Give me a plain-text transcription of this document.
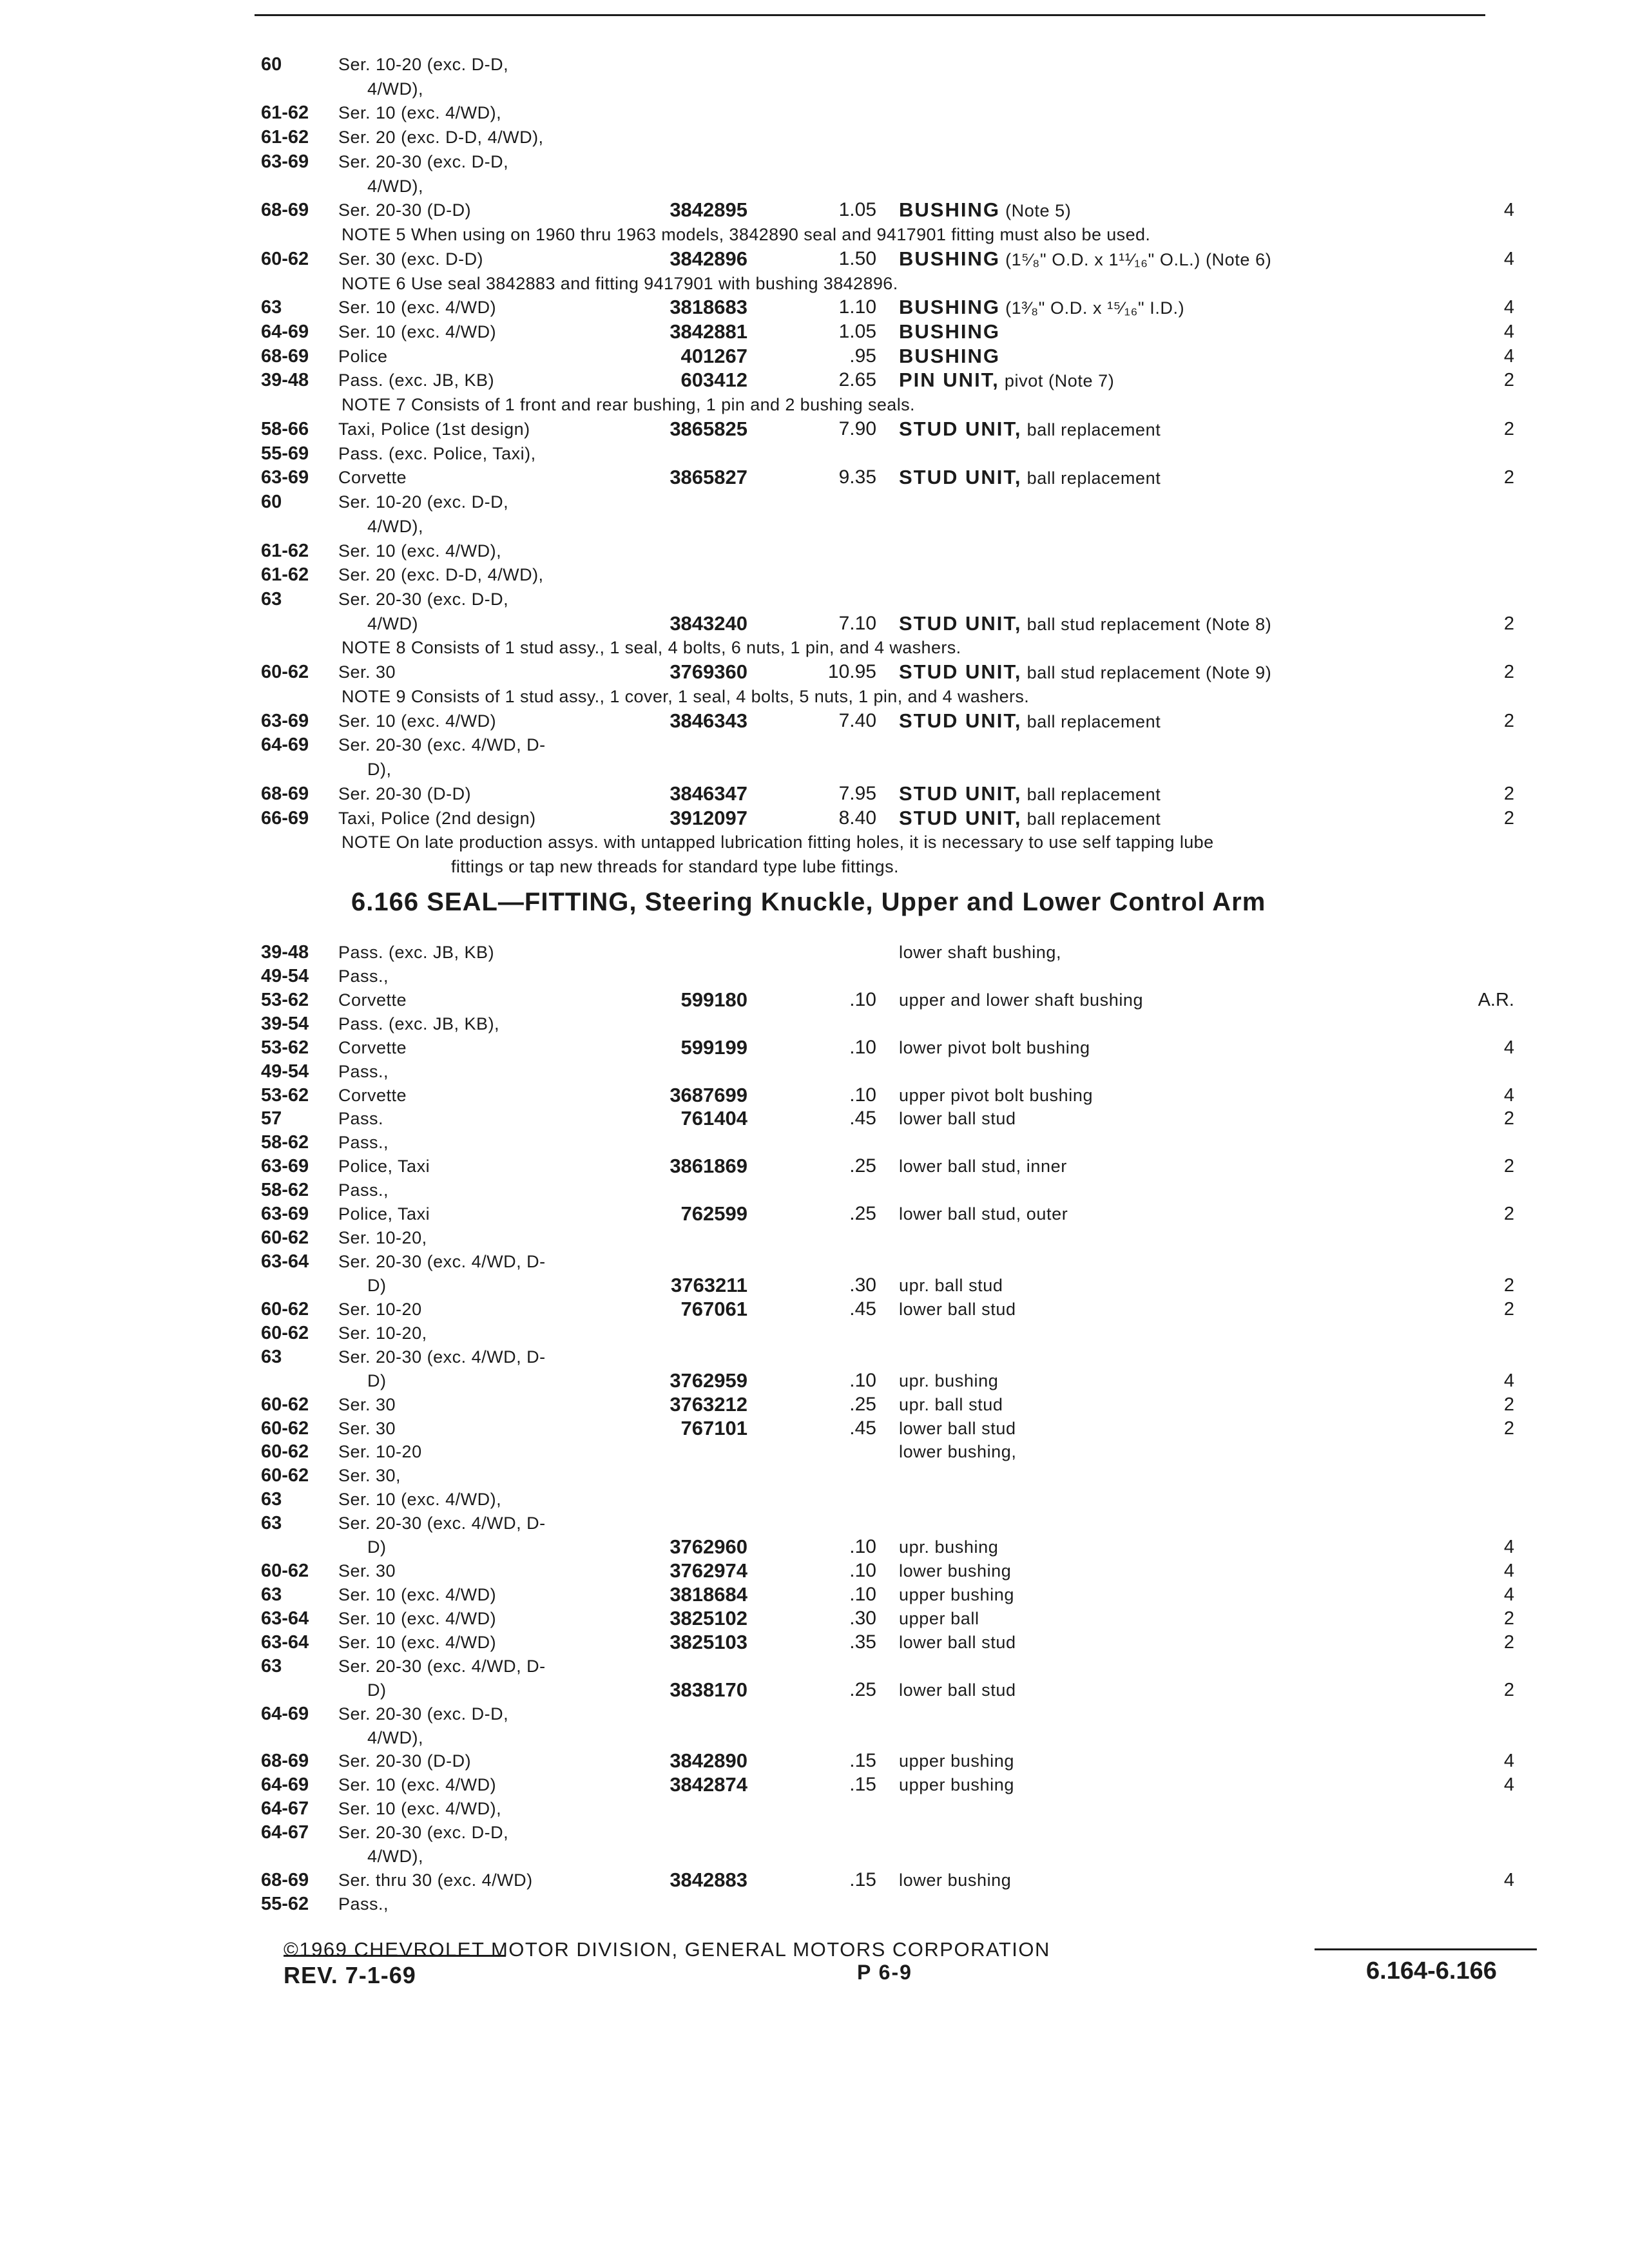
60	Ser. 10-20 (exc. D-D,
4/WD),
61-62 Ser. 10 (exc. 4/WD),
61-62 Ser. 20 (exc. D-D, 4/WD),
63-69 Ser. 20-30 (exc. D-D,
4/WD),
68-69 Ser. 20-30 (D-D)	3842895	1.05 BUSHING (Note 5)	4
NOTE 5 When using on 1960 thru 1963 models, 3842890 seal and 9417901 fitting must also be used.
60-62 Ser. 30 (exc. D-D)	3842896	1.50 BUSHING (1⁵⁄₈" O.D. x 1¹¹⁄₁₆" O.L.) (Note 6)	4
NOTE 6 Use seal 3842883 and fitting 9417901 with bushing 3842896.
63	Ser. 10 (exc. 4/WD)	3818683	1.10 BUSHING (1³⁄₈" O.D. x ¹⁵⁄₁₆" I.D.)	4
64-69 Ser. 10 (exc. 4/WD)	3842881	1.05 BUSHING	4
68-69 Police	401267	.95 BUSHING	4
39-48 Pass. (exc. JB, KB)	603412	2.65 PIN UNIT, pivot (Note 7)	2
NOTE 7 Consists of 1 front and rear bushing, 1 pin and 2 bushing seals.
58-66 Taxi, Police (1st design)	3865825	7.90 STUD UNIT, ball replacement	2
55-69 Pass. (exc. Police, Taxi),
63-69 Corvette	3865827	9.35 STUD UNIT, ball replacement	2
60	Ser. 10-20 (exc. D-D,
4/WD),
61-62 Ser. 10 (exc. 4/WD),
61-62 Ser. 20 (exc. D-D, 4/WD),
63	Ser. 20-30 (exc. D-D,
4/WD)	3843240	7.10 STUD UNIT, ball stud replacement (Note 8)	2
NOTE 8 Consists of 1 stud assy., 1 seal, 4 bolts, 6 nuts, 1 pin, and 4 washers.
60-62 Ser. 30	3769360	10.95 STUD UNIT, ball stud replacement (Note 9)	2
NOTE 9 Consists of 1 stud assy., 1 cover, 1 seal, 4 bolts, 5 nuts, 1 pin, and 4 washers.
63-69 Ser. 10 (exc. 4/WD)	3846343	7.40 STUD UNIT, ball replacement	2
64-69 Ser. 20-30 (exc. 4/WD, D-
D),
68-69 Ser. 20-30 (D-D)	3846347	7.95 STUD UNIT, ball replacement	2
66-69 Taxi, Police (2nd design)	3912097	8.40 STUD UNIT, ball replacement	2
NOTE On late production assys. with untapped lubrication fitting holes, it is necessary to use self tapping lube
fittings or tap new threads for standard type lube fittings.
39-48 Pass. (exc. JB, KB)	lower shaft bushing,
49-54 Pass.,
53-62 Corvette	599180	.10 upper and lower shaft bushing	A.R.
39-54 Pass. (exc. JB, KB),
53-62 Corvette	599199	.10 lower pivot bolt bushing	4
49-54 Pass.,
53-62 Corvette	3687699	.10 upper pivot bolt bushing	4
57	Pass.	761404	.45 lower ball stud	2
58-62 Pass.,
63-69 Police, Taxi	3861869	.25 lower ball stud, inner	2
58-62 Pass.,
63-69 Police, Taxi	762599	.25 lower ball stud, outer	2
60-62 Ser. 10-20,
63-64 Ser. 20-30 (exc. 4/WD, D-
D)	3763211	.30 upr. ball stud	2
60-62 Ser. 10-20	767061	.45 lower ball stud	2
60-62 Ser. 10-20,
63	Ser. 20-30 (exc. 4/WD, D-
D)	3762959	.10 upr. bushing	4
60-62 Ser. 30	3763212	.25 upr. ball stud	2
60-62 Ser. 30	767101	.45 lower ball stud	2
60-62 Ser. 10-20	lower bushing,
60-62 Ser. 30,
63	Ser. 10 (exc. 4/WD),
63	Ser. 20-30 (exc. 4/WD, D-
D)	3762960	.10 upr. bushing	4
60-62 Ser. 30	3762974	.10 lower bushing	4
63	Ser. 10 (exc. 4/WD)	3818684	.10 upper bushing	4
63-64 Ser. 10 (exc. 4/WD)	3825102	.30 upper ball	2
63-64 Ser. 10 (exc. 4/WD)	3825103	.35 lower ball stud	2
63	Ser. 20-30 (exc. 4/WD, D-
D)	3838170	.25 lower ball stud	2
64-69 Ser. 20-30 (exc. D-D,
4/WD),
68-69 Ser. 20-30 (D-D)	3842890	.15 upper bushing	4
64-69 Ser. 10 (exc. 4/WD)	3842874	.15 upper bushing	4
64-67 Ser. 10 (exc. 4/WD),
64-67 Ser. 20-30 (exc. D-D,
4/WD),
68-69 Ser. thru 30 (exc. 4/WD)	3842883	.15 lower bushing	4
55-62 Pass.,
6.166 SEAL—FITTING, Steering Knuckle, Upper and Lower Control Arm
©1969 CHEVROLET MOTOR DIVISION, GENERAL MOTORS CORPORATION
REV. 7-1-69	P 6-9	6.164-6.166
